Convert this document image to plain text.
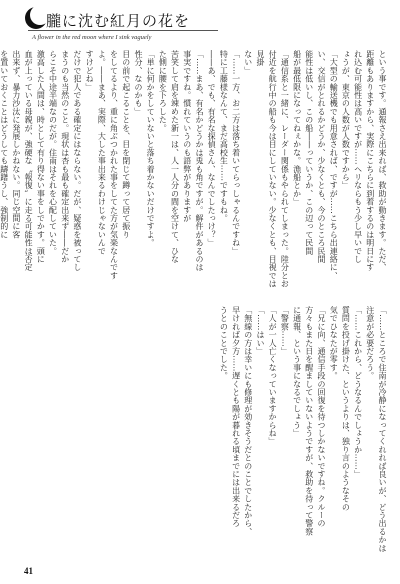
朧に沈む紅月の花を
A flower in the red moon where I sink vaguely

という事です。通報さえ出来れば、救助が動きます。ただ、

距離もありますから、実際にこちらに到着するのは明日にす

れ込む可能性は高いですが……ヘリならもう少し早いでし

ょうが、東京の人数が人数ですから」

「大型の輸送機でも用意されば、ですが……こちら出連絡に、

い、交信がとれるかどうか、少なくとも、今のところ民間

能性は低いし、この船――っていうか、この辺って民間

船が最低限になってねぇかな。漁船とか」

「通信系と一緒に、レーダー関係もやられてしまった。陸分とお

付近を航行中の船も今は目にしていない。少なくとも、目視では見掛

ない」

「……一方、お二方は落ち着いてらっしゃるんですね」

特に工藤様なんて、まだ高校生……ですもね。

――あ、でも、有名な探偵さん、なんでしたっけ？」

「……まあ、有名かどうかは兎も角ですが。解件があるのは

事実ですね。慣れていうのも語弊がありますが

苦笑して肩を竦めた新一は、人一人分の間を空けて、ひな

た側に腰を下ろした。

「単に何かをしていないと落ち着かないだけですよ。

性分、なのかも」

目の前で起こることを、目を閉じて蹲って居て振り

をしてるより、重に角ぶつかれた事をしてた方が気楽なんです

よ。――まあ、実際、大した事出来るわけじゃないんで

すけどね」

だけで犯人である確定にはならない。だが、疑惑を被ってし

まうのも当然のこと。現状は杏も最も確定出来ず――だか

らこそ中途半端なのだが。住南はそれを心配していた。

激高した人間は、時として有り得ない事をしでかす。頭に

血が上っている母親が、強硬な〝報復〟に走る可能性は否定

出来ず、暴力沙汰に発展しかねない。同じ空間に客

を置いておくことはどうしても躊躇うし、強制的に

「……ところで住南が冷静になってくれれば良いが、どう出るかは

注意が必要だろう。

「……これから、どうなるんでしょうか……」

質問を投げ掛けた、というよりは、独り言のようなその

気でひなたが零す。

「兄に向、通信手段の回復を待つしかないですね。クルーの

方々もまた日を醒ましていないようですが、救助を待って警察

に通報、という事になるでしょう」

「警察……」

「人が一人亡くなっていますからね」

「……はい」

「無線の方は幸いにも修理が効きそうだとのことでしたから、

早ければ夕方……遅くとも陽が暮れる頃までには出来るだろ

うとのことでした。

41
